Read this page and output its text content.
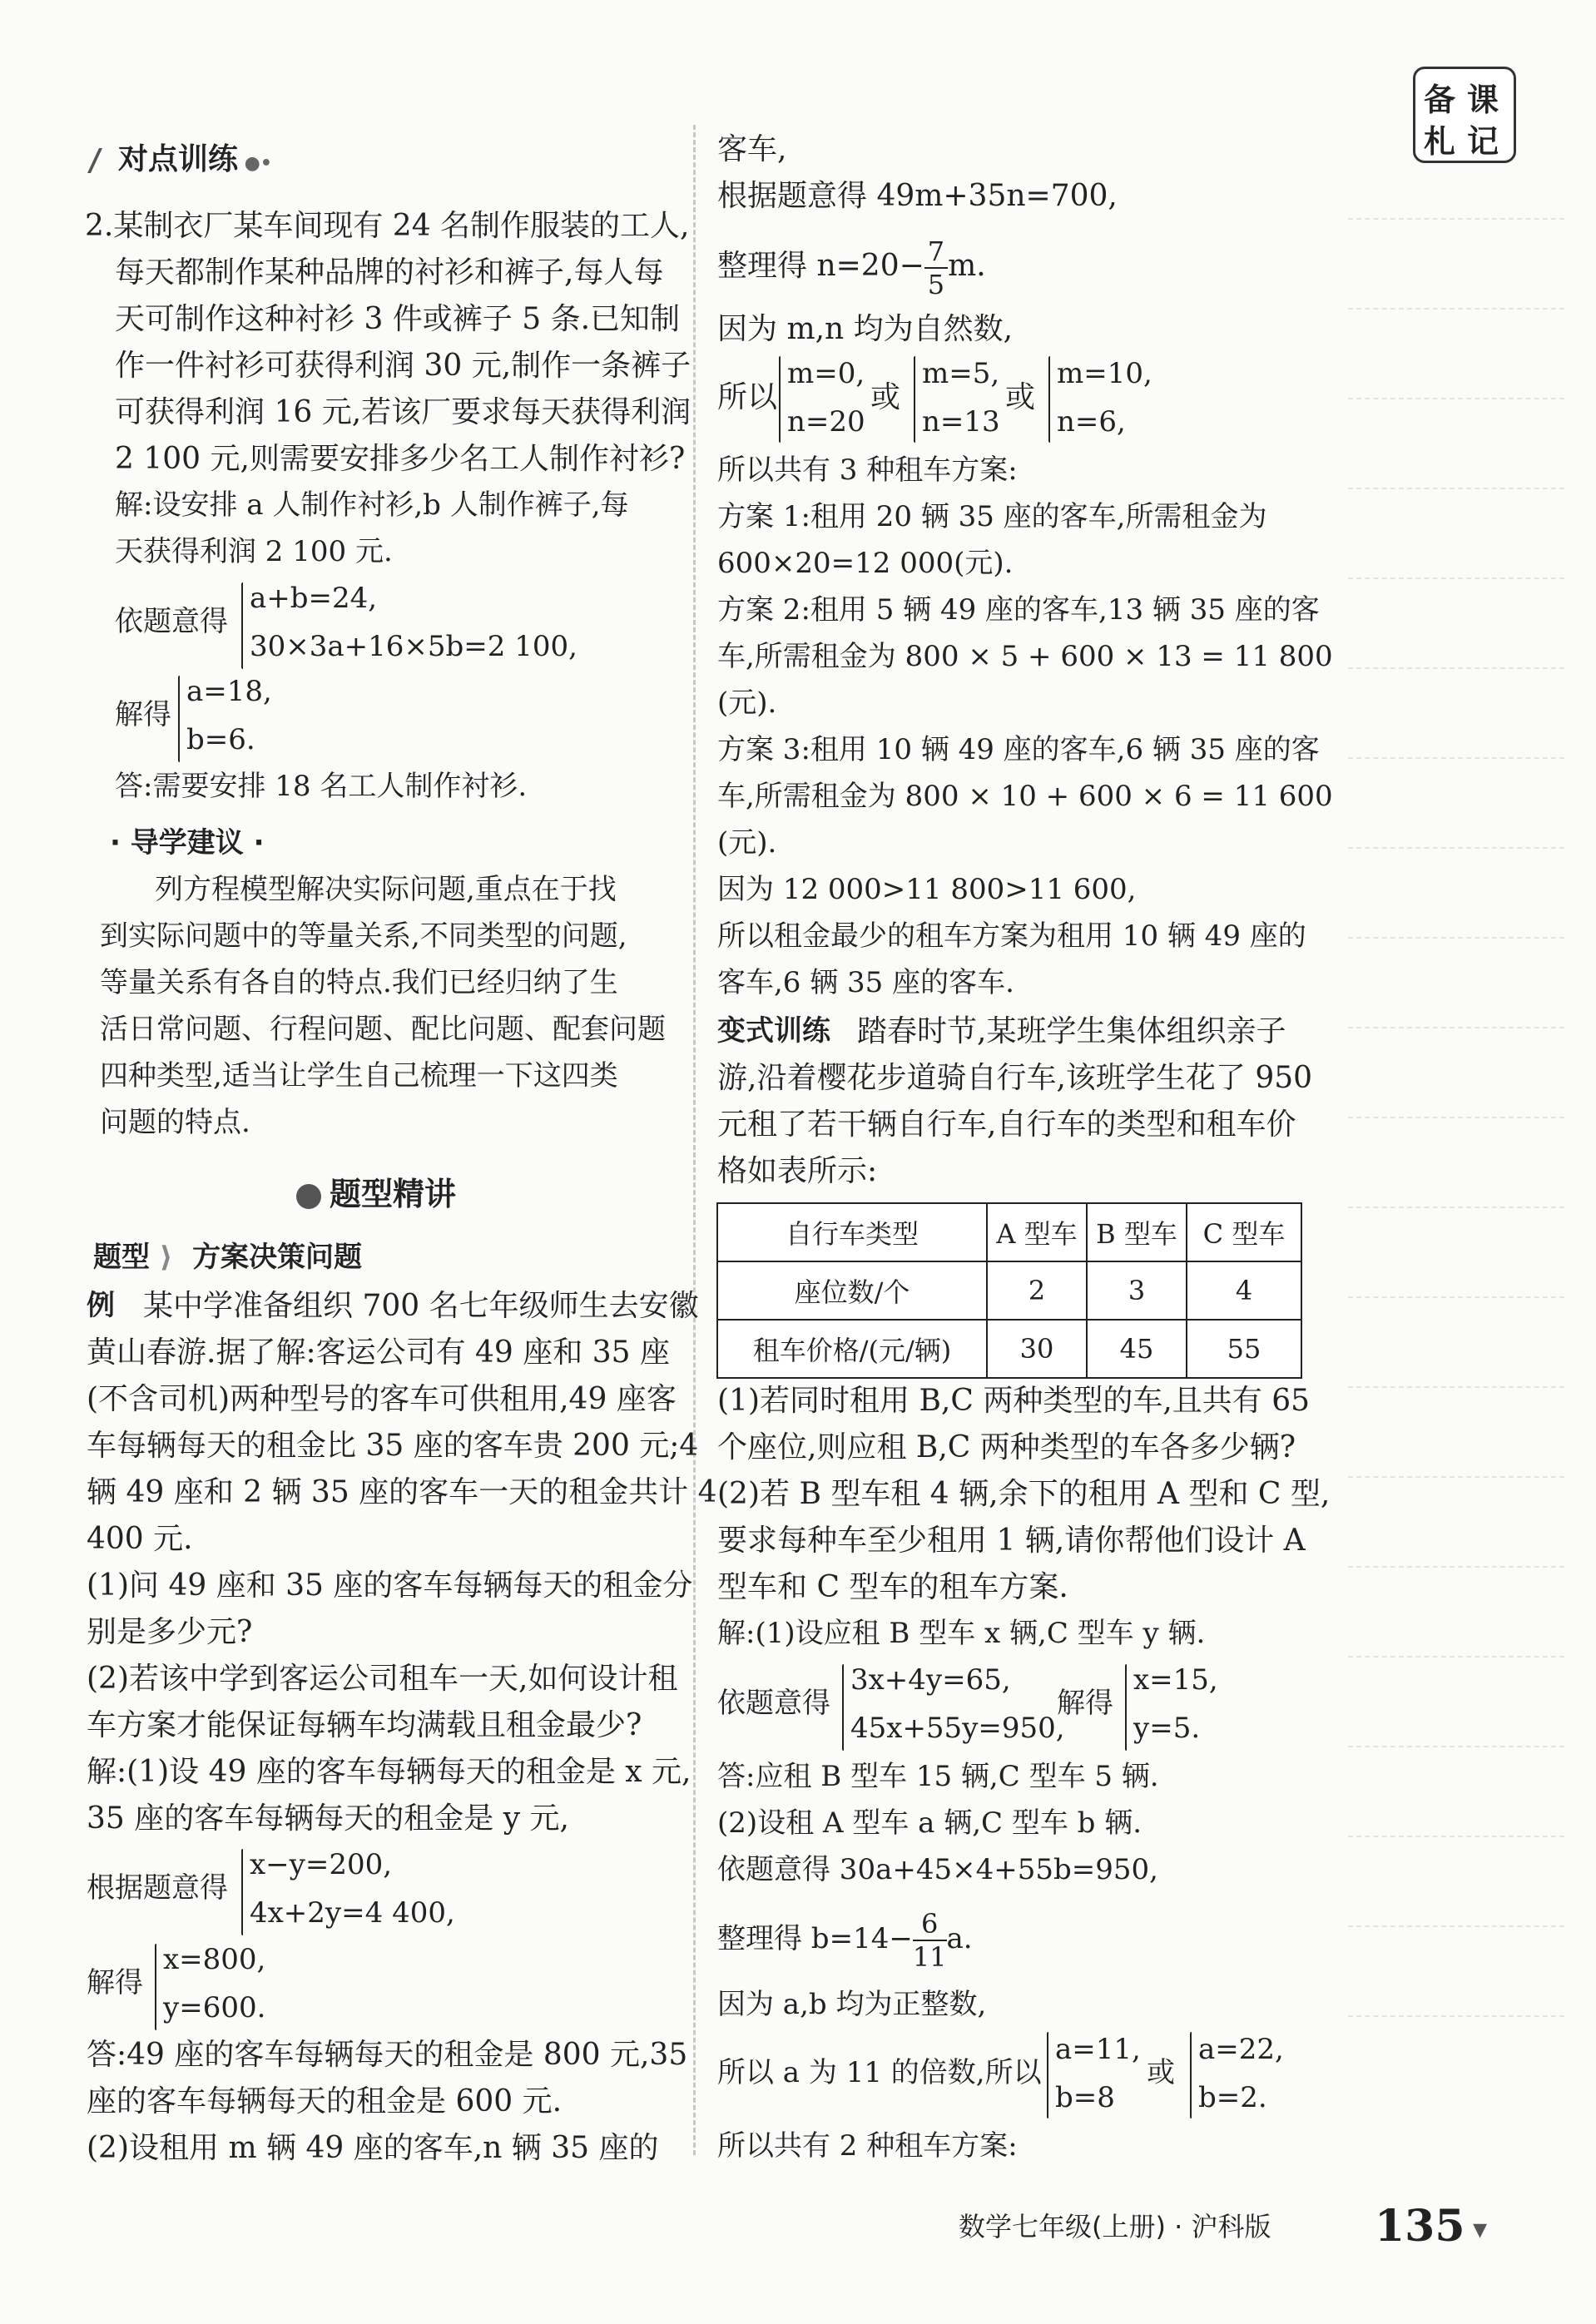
备 课
札 记
对点训练 ●•
2.某制衣厂某车间现有 24 名制作服装的工人,
每天都制作某种品牌的衬衫和裤子,每人每
天可制作这种衬衫 3 件或裤子 5 条.已知制
作一件衬衫可获得利润 30 元,制作一条裤子
可获得利润 16 元,若该厂要求每天获得利润
2 100 元,则需要安排多少名工人制作衬衫?
解:设安排 a 人制作衬衫,b 人制作裤子,每
天获得利润 2 100 元.
依题意得
a+b=24,
30×3a+16×5b=2 100,
解得
a=18,
b=6.
答:需要安排 18 名工人制作衬衫.
· 导学建议 ·
列方程模型解决实际问题,重点在于找
到实际问题中的等量关系,不同类型的问题,
等量关系有各自的特点.我们已经归纳了生
活日常问题、行程问题、配比问题、配套问题
四种类型,适当让学生自己梳理一下这四类
问题的特点.
题型精讲
题型 ⟩  方案决策问题
例 某中学准备组织 700 名七年级师生去安徽
黄山春游.据了解:客运公司有 49 座和 35 座
(不含司机)两种型号的客车可供租用,49 座客
车每辆每天的租金比 35 座的客车贵 200 元;4
辆 49 座和 2 辆 35 座的客车一天的租金共计 4
400 元.
(1)问 49 座和 35 座的客车每辆每天的租金分
别是多少元?
(2)若该中学到客运公司租车一天,如何设计租
车方案才能保证每辆车均满载且租金最少?
解:(1)设 49 座的客车每辆每天的租金是 x 元,
35 座的客车每辆每天的租金是 y 元,
根据题意得
x−y=200,
4x+2y=4 400,
解得
x=800,
y=600.
答:49 座的客车每辆每天的租金是 800 元,35
座的客车每辆每天的租金是 600 元.
(2)设租用 m 辆 49 座的客车,n 辆 35 座的
客车,
根据题意得 49m+35n=700,
整理得 $n=20- \frac{7}{5} m$.
因为 m,n 均为自然数,
所以
m=0,
n=20
或
m=5,
n=13
或
m=10,
n=6,
所以共有 3 种租车方案:
方案 1:租用 20 辆 35 座的客车,所需租金为
600×20=12 000(元).
方案 2:租用 5 辆 49 座的客车,13 辆 35 座的客
车,所需租金为 800 × 5 + 600 × 13 = 11 800
(元).
方案 3:租用 10 辆 49 座的客车,6 辆 35 座的客
车,所需租金为 800 × 10 + 600 × 6 = 11 600
(元).
因为 12 000>11 800>11 600,
所以租金最少的租车方案为租用 10 辆 49 座的
客车,6 辆 35 座的客车.
变式训练 踏春时节,某班学生集体组织亲子
游,沿着樱花步道骑自行车,该班学生花了 950
元租了若干辆自行车,自行车的类型和租车价
格如表所示:
(1)若同时租用 B,C 两种类型的车,且共有 65
个座位,则应租 B,C 两种类型的车各多少辆?
(2)若 B 型车租 4 辆,余下的租用 A 型和 C 型,
要求每种车至少租用 1 辆,请你帮他们设计 A
型车和 C 型车的租车方案.
解:(1)设应租 B 型车 x 辆,C 型车 y 辆.
依题意得
3x+4y=65,
45x+55y=950,
解得
x=15,
y=5.
答:应租 B 型车 15 辆,C 型车 5 辆.
(2)设租 A 型车 a 辆,C 型车 b 辆.
依题意得 30a+45×4+55b=950,
整理得 $b=14- \frac{6}{11} a$.
因为 a,b 均为正整数,
所以 a 为 11 的倍数,所以
a=11,
b=8
或
a=22,
b=2.
所以共有 2 种租车方案:
自行车类型	A 型车	B 型车	C 型车
座位数/个	2	3	4
租车价格/(元/辆)	30	45	55
数学七年级(上册) · 沪科版 135 ▾
